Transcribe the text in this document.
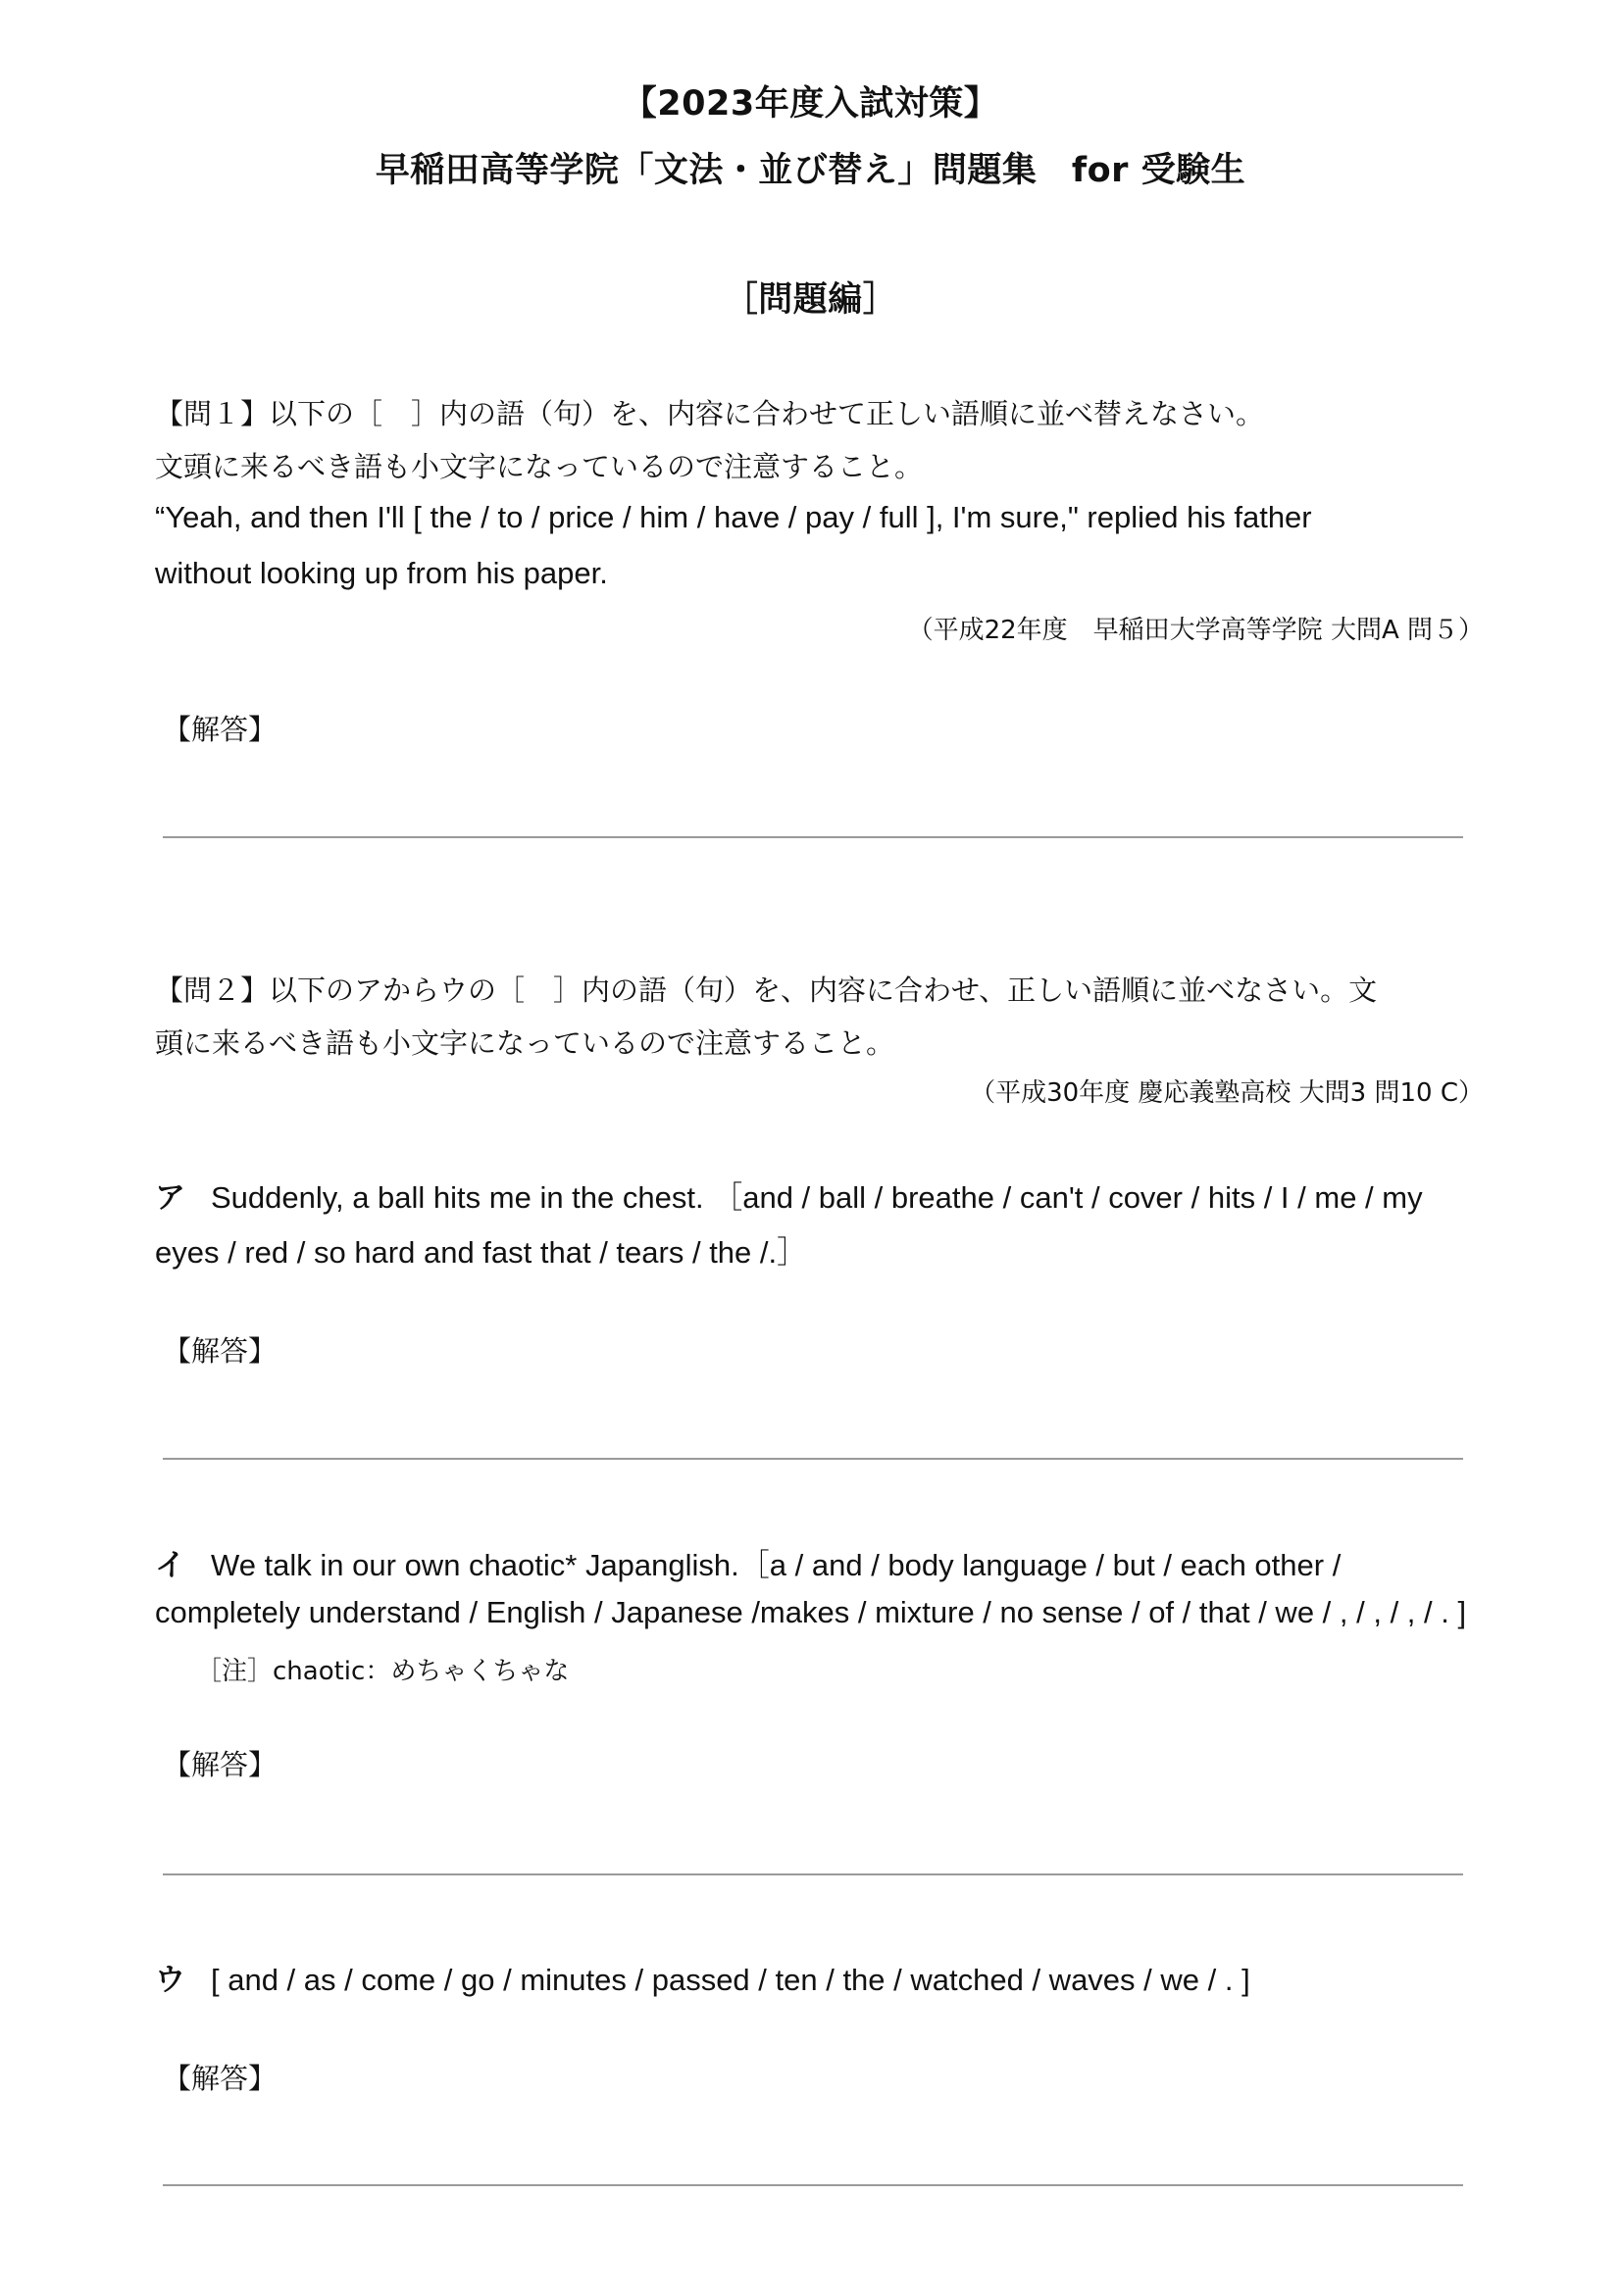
【2023年度入試対策】
早稲田高等学院「文法・並び替え」問題集　for 受験生
［問題編］
【問１】以下の［　］内の語（句）を、内容に合わせて正しい語順に並べ替えなさい。
文頭に来るべき語も小文字になっているので注意すること。
“Yeah, and then I'll [ the / to / price / him / have / pay / full ], I'm sure," replied his father
without looking up from his paper.
（平成22年度　早稲田大学高等学院 大問A 問５）
【解答】
【問２】以下のアからウの［　］内の語（句）を、内容に合わせ、正しい語順に並べなさい。文
頭に来るべき語も小文字になっているので注意すること。
（平成30年度 慶応義塾高校 大問3 問10 C）
ア Suddenly, a ball hits me in the chest. ［and / ball / breathe / can't / cover / hits / I / me / my
eyes / red / so hard and fast that / tears / the /.］
【解答】
イ We talk in our own chaotic* Japanglish.［a / and / body language / but / each other /
completely understand / English / Japanese /makes / mixture / no sense / of / that / we / , / , / , / . ]
［注］chaotic：めちゃくちゃな
【解答】
ウ [ and / as / come / go / minutes / passed / ten / the / watched / waves / we / . ]
【解答】
